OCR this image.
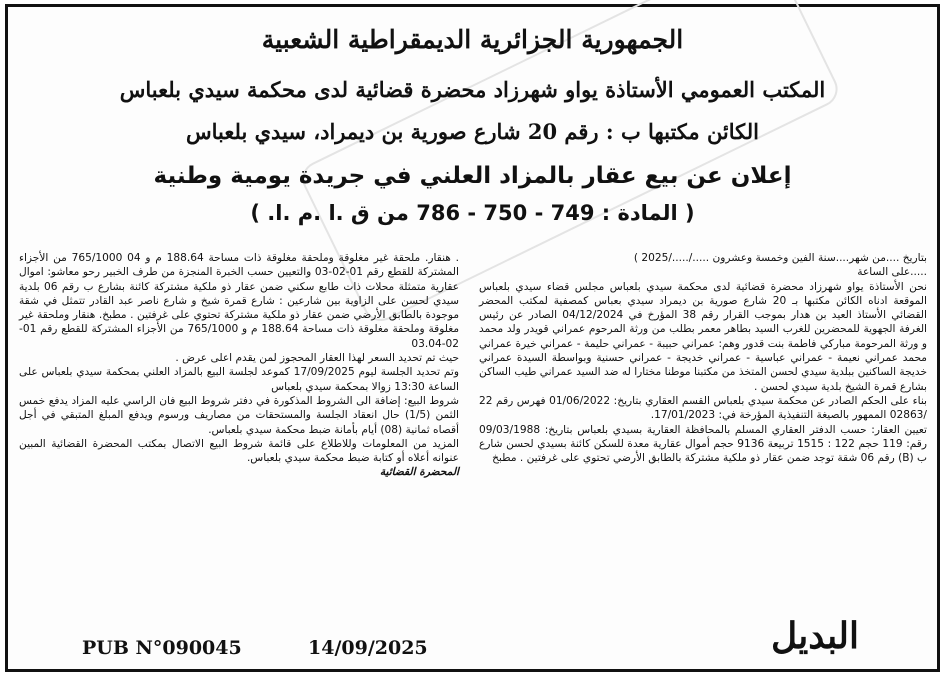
الجمهورية الجزائرية الديمقراطية الشعبية
المكتب العمومي الأستاذة يواو شهرزاد محضرة قضائية لدى محكمة سيدي بلعباس
الكائن مكتبها ب : رقم 20 شارع صورية بن ديمراد، سيدي بلعباس
إعلان عن بيع عقار بالمزاد العلني في جريدة يومية وطنية
( المادة : 749 - 750 - 786 من ق .ا .م .ا. )

بتاريخ ....من شهر....سنة الفين وخمسة وعشرون ...../...../2025 )

.....على الساعة

نحن الأستاذة يواو شهرزاد محضرة قضائية لدى محكمة سيدي بلعباس مجلس قضاء سيدي بلعباس الموقعة ادناه الكائن مكتبها بـ 20 شارع صورية بن ديمراد سيدي بعباس كمصفية لمكتب المحضر القضائي الأستاذ العيد بن هدار بموجب القرار رقم 38 المؤرخ في 04/12/2024 الصادر عن رئيس الغرفة الجهوية للمحضرين للغرب السيد بطاهر معمر بطلب من ورثة المرحوم عمراني قويدر ولد محمد و ورثة المرحومة مباركي فاطمة بنت قدور وهم: عمراني حبيبة - عمراني حليمة - عمراني خيرة عمراني محمد عمراني نعيمة - عمراني عباسية - عمراني خديجة - عمراني حسنية وبواسطة السيدة عمراني خديجة الساكنين ببلدية سيدي لحسن المتخذ من مكتبنا موطنا مختارا له ضد السيد عمراني طيب الساكن بشارع قمرة الشيخ بلدية سيدي لحسن .

بناء على الحكم الصادر عن محكمة سيدي بلعباس القسم العقاري بتاريخ: 01/06/2022 فهرس رقم 22 /02863 الممهور بالصيغة التنفيذية المؤرخة في: 17/01/2023.

تعيين العقار: حسب الدفتر العقاري المسلم بالمحافظة العقارية بسيدي بلعباس بتاريخ: 09/03/1988 رقم: 119 حجم 122 : 1515 تربيعة 9136 حجم أموال عقارية معدة للسكن كائنة بسيدي لحسن شارع ب (B) رقم 06 شقة توجد ضمن عقار ذو ملكية مشتركة بالطابق الأرضي تحتوي على غرفتين . مطبخ

. هنقار. ملحقة غير مغلوقة وملحقة مغلوقة ذات مساحة 188.64 م و 04 765/1000 من الأجزاء المشتركة للقطع رقم 01-02-03 والتعيين حسب الخبرة المنجزة من طرف الخبير رحو معاشو: اموال عقارية متمثلة محلات ذات طابع سكني ضمن عقار ذو ملكية مشتركة كائنة بشارع ب رقم 06 بلدية سيدي لحسن على الزاوية بين شارعين : شارع قمرة شيخ و شارع ناصر عبد القادر تتمثل في شقة موجودة بالطابق الأرضي ضمن عقار ذو ملكية مشتركة تحتوي على غرفتين . مطبخ. هنقار وملحقة غير مغلوقة وملحقة مغلوقة ذات مساحة 188.64 م و 765/1000 من الأجزاء المشتركة للقطع رقم 01-02-03.04

حيث تم تحديد السعر لهذا العقار المحجوز لمن يقدم اعلى عرض .

وتم تحديد الجلسة ليوم 17/09/2025 كموعد لجلسة البيع بالمزاد العلني بمحكمة سيدي بلعباس على الساعة 13:30 زوالا بمحكمة سيدي بلعباس

شروط البيع: إضافة الى الشروط المذكورة في دفتر شروط البيع فان الراسي عليه المزاد يدفع خمس الثمن (1/5) حال انعقاد الجلسة والمستحقات من مصاريف ورسوم ويدفع المبلغ المتبقي في أجل أقصاه ثمانية (08) أيام بأمانة ضبط محكمة سيدي بلعباس.

المزيد من المعلومات وللاطلاع على قائمة شروط البيع الاتصال بمكتب المحضرة القضائية المبين عنوانه أعلاه أو كتابة ضبط محكمة سيدي بلعباس.

المحضرة القضائية

PUB N°090045	14/09/2025	البديل
